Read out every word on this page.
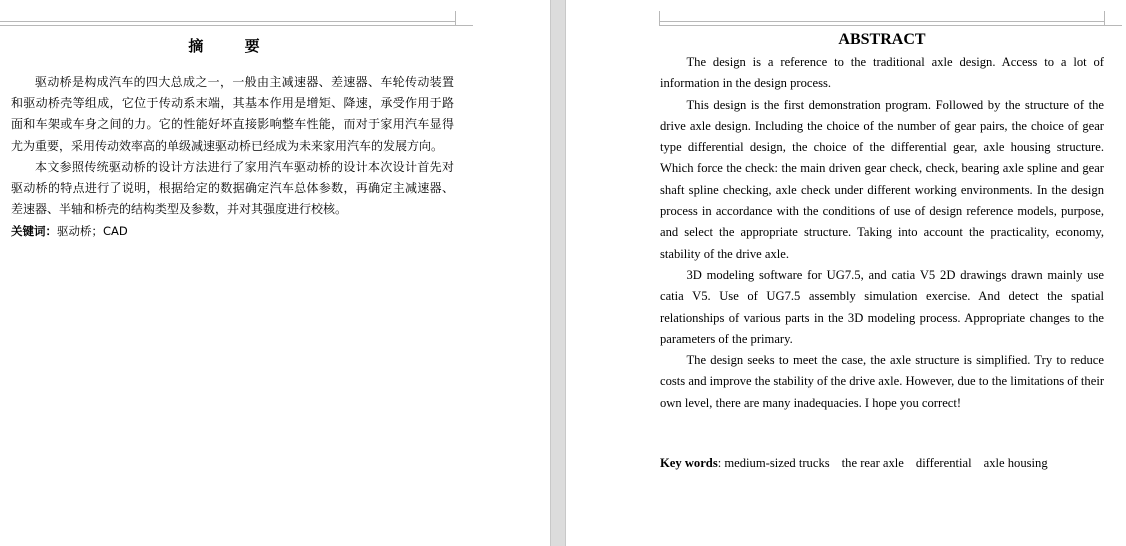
摘 要

驱动桥是构成汽车的四大总成之一，一般由主减速器、差速器、车轮传动装置和驱动桥壳等组成，它位于传动系末端，其基本作用是增矩、降速，承受作用于路面和车架或车身之间的力。它的性能好坏直接影响整车性能，而对于家用汽车显得尤为重要，采用传动效率高的单级减速驱动桥已经成为未来家用汽车的发展方向。

本文参照传统驱动桥的设计方法进行了家用汽车驱动桥的设计本次设计首先对驱动桥的特点进行了说明，根据给定的数据确定汽车总体参数，再确定主减速器、差速器、半轴和桥壳的结构类型及参数，并对其强度进行校核。

关键词：驱动桥；CAD
ABSTRACT

The design is a reference to the traditional axle design. Access to a lot of information in the design process.

This design is the first demonstration program. Followed by the structure of the drive axle design. Including the choice of the number of gear pairs, the choice of gear type differential design, the choice of the differential gear, axle housing structure. Which force the check: the main driven gear check, check, bearing axle spline and gear shaft spline checking, axle check under different working environments. In the design process in accordance with the conditions of use of design reference models, purpose, and select the appropriate structure. Taking into account the practicality, economy, stability of the drive axle.

3D modeling software for UG7.5, and catia V5 2D drawings drawn mainly use catia V5. Use of UG7.5 assembly simulation exercise. And detect the spatial relationships of various parts in the 3D modeling process. Appropriate changes to the parameters of the primary.

The design seeks to meet the case, the axle structure is simplified. Try to reduce costs and improve the stability of the drive axle. However, due to the limitations of their own level, there are many inadequacies. I hope you correct!

Key words: medium-sized trucks the rear axle differential axle housing
